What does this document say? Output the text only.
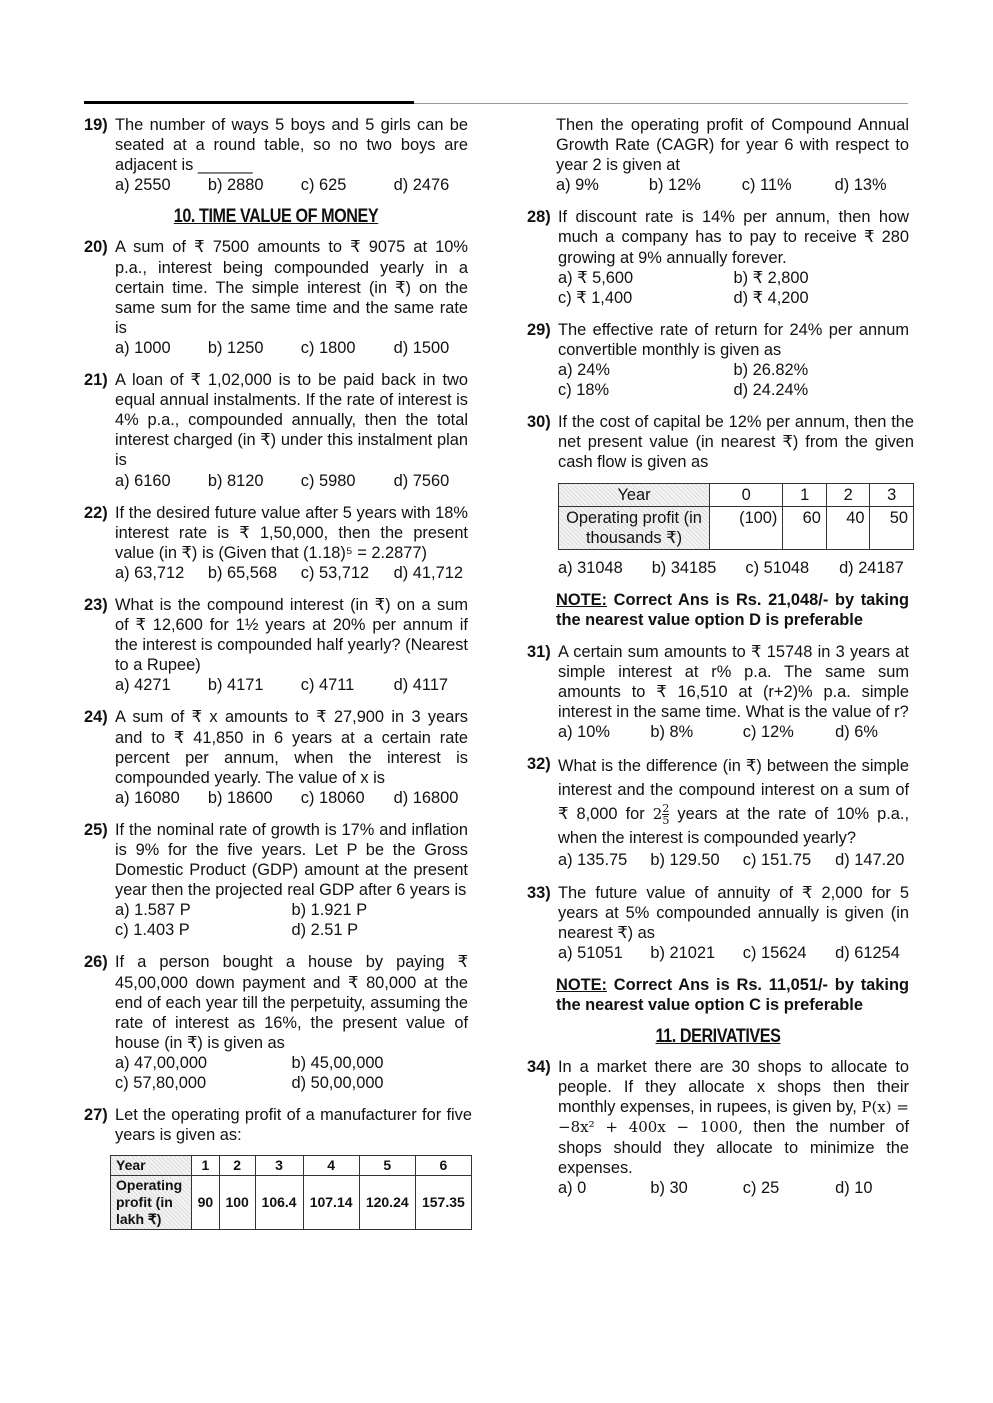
19) The number of ways 5 boys and 5 girls can be seated at a round table, so no two boys are adjacent is ______
a) 2550	b) 2880	c) 625	d) 2476
10. TIME VALUE OF MONEY
20) A sum of ₹ 7500 amounts to ₹ 9075 at 10% p.a., interest being compounded yearly in a certain time. The simple interest (in ₹) on the same sum for the same time and the same rate is
a) 1000	b) 1250	c) 1800	d) 1500
21) A loan of ₹ 1,02,000 is to be paid back in two equal annual instalments. If the rate of interest is 4% p.a., compounded annually, then the total interest charged (in ₹) under this instalment plan is
a) 6160	b) 8120	c) 5980	d) 7560
22) If the desired future value after 5 years with 18% interest rate is ₹ 1,50,000, then the present value (in ₹) is (Given that (1.18)⁵ = 2.2877)
a) 63,712	b) 65,568	c) 53,712	d) 41,712
23) What is the compound interest (in ₹) on a sum of ₹ 12,600 for 1½ years at 20% per annum if the interest is compounded half yearly? (Nearest to a Rupee)
a) 4271	b) 4171	c) 4711	d) 4117
24) A sum of ₹ x amounts to ₹ 27,900 in 3 years and to ₹ 41,850 in 6 years at a certain rate percent per annum, when the interest is compounded yearly. The value of x is
a) 16080	b) 18600	c) 18060	d) 16800
25) If the nominal rate of growth is 17% and inflation is 9% for the five years. Let P be the Gross Domestic Product (GDP) amount at the present year then the projected real GDP after 6 years is
a) 1.587 P	b) 1.921 P
c) 1.403 P	d) 2.51 P
26) If a person bought a house by paying ₹ 45,00,000 down payment and ₹ 80,000 at the end of each year till the perpetuity, assuming the rate of interest as 16%, the present value of house (in ₹) is given as
a) 47,00,000	b) 45,00,000
c) 57,80,000	d) 50,00,000
27) Let the operating profit of a manufacturer for five years is given as:
Year	1	2	3	4	5	6
Operating profit (in lakh ₹)	90	100	106.4	107.14	120.24	157.35
Then the operating profit of Compound Annual Growth Rate (CAGR) for year 6 with respect to year 2 is given at
a) 9%	b) 12%	c) 11%	d) 13%
28) If discount rate is 14% per annum, then how much a company has to pay to receive ₹ 280 growing at 9% annually forever.
a) ₹ 5,600	b) ₹ 2,800
c) ₹ 1,400	d) ₹ 4,200
29) The effective rate of return for 24% per annum convertible monthly is given as
a) 24%	b) 26.82%
c) 18%	d) 24.24%
30) If the cost of capital be 12% per annum, then the net present value (in nearest ₹) from the given cash flow is given as
Year	0	1	2	3
Operating profit (in thousands ₹)	(100)	60	40	50
a) 31048	b) 34185	c) 51048	d) 24187
NOTE: Correct Ans is Rs. 21,048/- by taking the nearest value option D is preferable
31) A certain sum amounts to ₹ 15748 in 3 years at simple interest at r% p.a. The same sum amounts to ₹ 16,510 at (r+2)% p.a. simple interest in the same time. What is the value of r?
a) 10%	b) 8%	c) 12%	d) 6%
32) What is the difference (in ₹) between the simple interest and the compound interest on a sum of ₹ 8,000 for $2 \frac{2}{5}$ years at the rate of 10% p.a., when the interest is compounded yearly?
a) 135.75	b) 129.50	c) 151.75	d) 147.20
33) The future value of annuity of ₹ 2,000 for 5 years at 5% compounded annually is given (in nearest ₹) as
a) 51051	b) 21021	c) 15624	d) 61254
NOTE: Correct Ans is Rs. 11,051/- by taking the nearest value option C is preferable
11. DERIVATIVES
34) In a market there are 30 shops to allocate to people. If they allocate x shops then their monthly expenses, in rupees, is given by, P(x) = −8x² + 400x − 1000, then the number of shops should they allocate to minimize the expenses.
a) 0	b) 30	c) 25	d) 10
